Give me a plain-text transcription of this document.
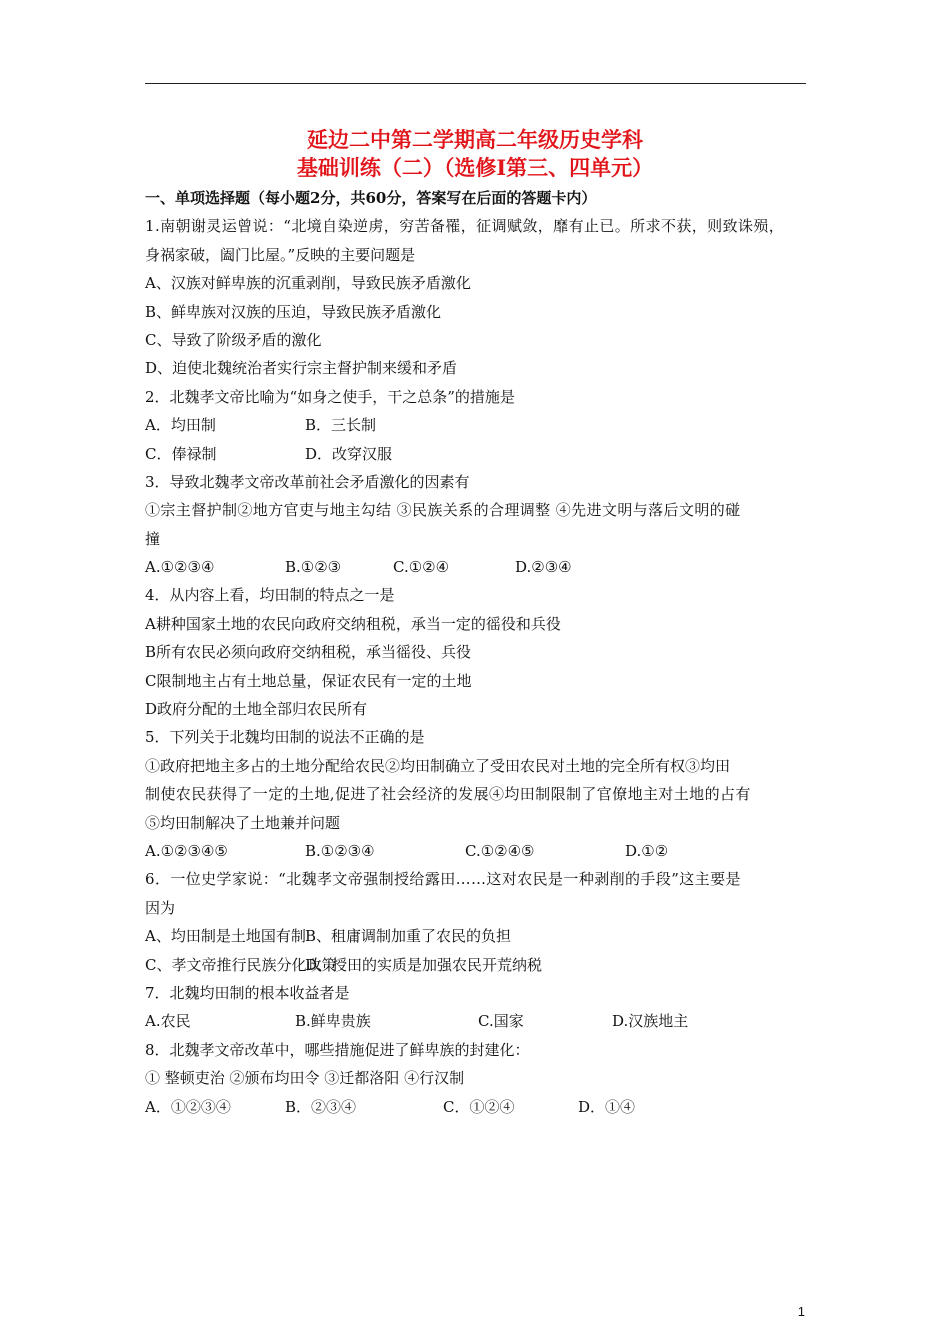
延边二中第二学期高二年级历史学科
基础训练（二）（选修Ⅰ第三、四单元）
一、单项选择题（每小题2分，共60分，答案写在后面的答题卡内）
1.南朝谢灵运曾说：“北境自染逆虏，穷苦备罹，征调赋敛，靡有止已。所求不获，则致诛殒，
身祸家破，阖门比屋。”反映的主要问题是
A、汉族对鲜卑族的沉重剥削，导致民族矛盾激化
B、鲜卑族对汉族的压迫，导致民族矛盾激化
C、导致了阶级矛盾的激化
D、迫使北魏统治者实行宗主督护制来缓和矛盾
2．北魏孝文帝比喻为“如身之使手，干之总条”的措施是
A．均田制	B．三长制
C．俸禄制	D．改穿汉服
3．导致北魏孝文帝改革前社会矛盾激化的因素有
①宗主督护制②地方官吏与地主勾结 ③民族关系的合理调整 ④先进文明与落后文明的碰
撞
A.①②③④	B.①②③	C.①②④	D.②③④
4．从内容上看，均田制的特点之一是
A耕种国家土地的农民向政府交纳租税，承当一定的徭役和兵役
B所有农民必须向政府交纳租税，承当徭役、兵役
C限制地主占有土地总量，保证农民有一定的土地
D政府分配的土地全部归农民所有
5．下列关于北魏均田制的说法不正确的是
①政府把地主多占的土地分配给农民②均田制确立了受田农民对土地的完全所有权③均田
制使农民获得了一定的土地,促进了社会经济的发展④均田制限制了官僚地主对土地的占有
⑤均田制解决了土地兼并问题
A.①②③④⑤	B.①②③④	C.①②④⑤	D.①②
6．一位史学家说：“北魏孝文帝强制授给露田……这对农民是一种剥削的手段”这主要是
因为
A、均田制是土地国有制 B、租庸调制加重了农民的负担
C、孝文帝推行民族分化政策
D、授田的实质是加强农民开荒纳税
7．北魏均田制的根本收益者是
A.农民	B.鲜卑贵族	C.国家	D.汉族地主
8．北魏孝文帝改革中，哪些措施促进了鲜卑族的封建化：
① 整顿吏治 ②颁布均田令 ③迁都洛阳 ④行汉制
A．①②③④	B．②③④	C．①②④	D．①④
1
